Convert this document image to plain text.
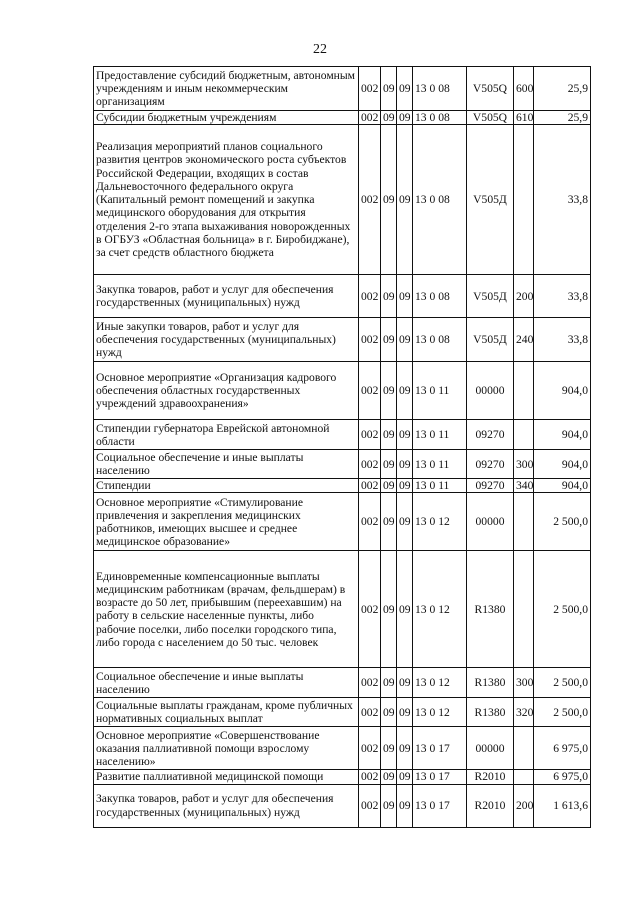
22
Предоставление субсидий бюджетным, автономным учреждениям и иным некоммерческим организациям	002	09	09	13 0 08	V505Q	600	25,9
Субсидии бюджетным учреждениям	002	09	09	13 0 08	V505Q	610	25,9
Реализация мероприятий планов социального развития центров экономического роста субъектов Российской Федерации, входящих в состав Дальневосточного федерального округа (Капитальный ремонт помещений и закупка медицинского оборудования для открытия отделения 2-го этапа выхаживания новорожденных в ОГБУЗ «Областная больница» в г. Биробиджане), за счет средств областного бюджета	002	09	09	13 0 08	V505Д		33,8
Закупка товаров, работ и услуг для обеспечения государственных (муниципальных) нужд	002	09	09	13 0 08	V505Д	200	33,8
Иные закупки товаров, работ и услуг для обеспечения государственных (муниципальных) нужд	002	09	09	13 0 08	V505Д	240	33,8
Основное мероприятие «Организация кадрового обеспечения областных государственных учреждений здравоохранения»	002	09	09	13 0 11	00000		904,0
Стипендии губернатора Еврейской автономной области	002	09	09	13 0 11	09270		904,0
Социальное обеспечение и иные выплаты населению	002	09	09	13 0 11	09270	300	904,0
Стипендии	002	09	09	13 0 11	09270	340	904,0
Основное мероприятие «Стимулирование привлечения и закрепления медицинских работников, имеющих высшее и среднее медицинское образование»	002	09	09	13 0 12	00000		2 500,0
Единовременные компенсационные выплаты медицинским работникам (врачам, фельдшерам) в возрасте до 50 лет, прибывшим (переехавшим) на работу в сельские населенные пункты, либо рабочие поселки, либо поселки городского типа, либо города с населением до 50 тыс. человек	002	09	09	13 0 12	R1380		2 500,0
Социальное обеспечение и иные выплаты населению	002	09	09	13 0 12	R1380	300	2 500,0
Социальные выплаты гражданам, кроме публичных нормативных социальных выплат	002	09	09	13 0 12	R1380	320	2 500,0
Основное мероприятие «Совершенствование оказания паллиативной помощи взрослому населению»	002	09	09	13 0 17	00000		6 975,0
Развитие паллиативной медицинской помощи	002	09	09	13 0 17	R2010		6 975,0
Закупка товаров, работ и услуг для обеспечения государственных (муниципальных) нужд	002	09	09	13 0 17	R2010	200	1 613,6
